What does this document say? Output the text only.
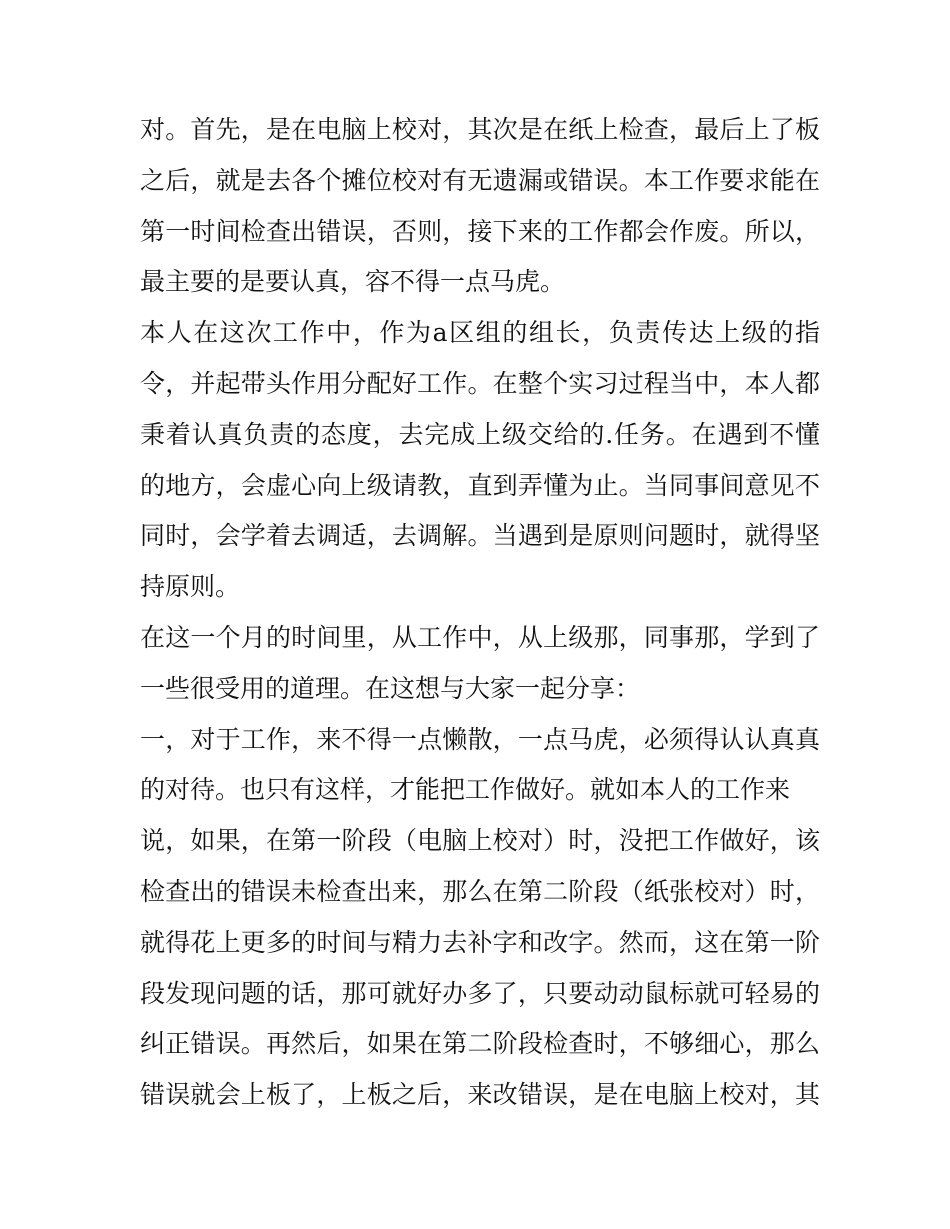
对。首先，是在电脑上校对，其次是在纸上检查，最后上了板
之后，就是去各个摊位校对有无遗漏或错误。本工作要求能在
第一时间检查出错误，否则，接下来的工作都会作废。所以，
最主要的是要认真，容不得一点马虎。
本人在这次工作中，作为a区组的组长，负责传达上级的指
令，并起带头作用分配好工作。在整个实习过程当中，本人都
秉着认真负责的态度，去完成上级交给的.任务。在遇到不懂
的地方，会虚心向上级请教，直到弄懂为止。当同事间意见不
同时，会学着去调适，去调解。当遇到是原则问题时，就得坚
持原则。
在这一个月的时间里，从工作中，从上级那，同事那，学到了
一些很受用的道理。在这想与大家一起分享：
一，对于工作，来不得一点懒散，一点马虎，必须得认认真真
的对待。也只有这样，才能把工作做好。就如本人的工作来
说，如果，在第一阶段（电脑上校对）时，没把工作做好，该
检查出的错误未检查出来，那么在第二阶段（纸张校对）时，
就得花上更多的时间与精力去补字和改字。然而，这在第一阶
段发现问题的话，那可就好办多了，只要动动鼠标就可轻易的
纠正错误。再然后，如果在第二阶段检查时，不够细心，那么
错误就会上板了，上板之后，来改错误，是在电脑上校对，其
